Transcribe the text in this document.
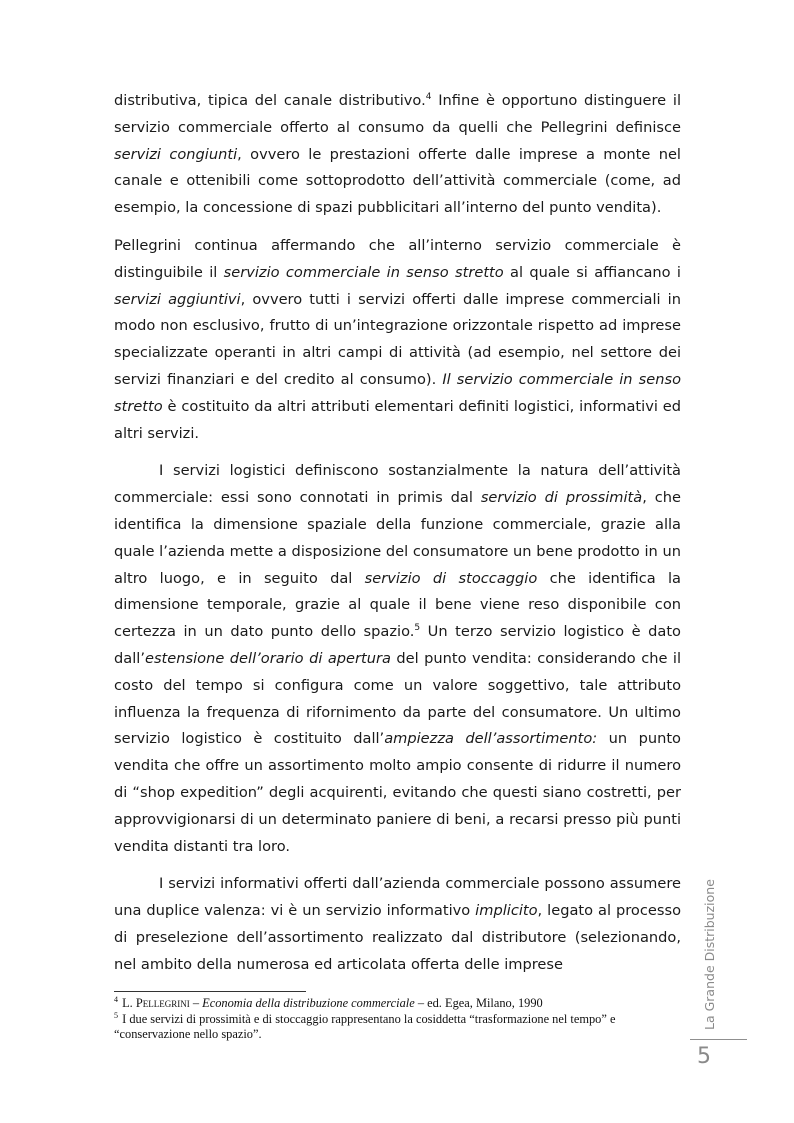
distributiva, tipica del canale distributivo.$^4$ Infine è opportuno distinguere il servizio commerciale offerto al consumo da quelli che Pellegrini definisce servizi congiunti, ovvero le prestazioni offerte dalle imprese a monte nel canale e ottenibili come sottoprodotto dell’attività commerciale (come, ad esempio, la concessione di spazi pubblicitari all’interno del punto vendita).

Pellegrini continua affermando che all’interno servizio commerciale è distinguibile il servizio commerciale in senso stretto al quale si affiancano i servizi aggiuntivi, ovvero tutti i servizi offerti dalle imprese commerciali in modo non esclusivo, frutto di un’integrazione orizzontale rispetto ad imprese specializzate operanti in altri campi di attività (ad esempio, nel settore dei servizi finanziari e del credito al consumo). Il servizio commerciale in senso stretto è costituito da altri attributi elementari definiti logistici, informativi ed altri servizi.

I servizi logistici definiscono sostanzialmente la natura dell’attività commerciale: essi sono connotati in primis dal servizio di prossimità, che identifica la dimensione spaziale della funzione commerciale, grazie alla quale l’azienda mette a disposizione del consumatore un bene prodotto in un altro luogo, e in seguito dal servizio di stoccaggio che identifica la dimensione temporale, grazie al quale il bene viene reso disponibile con certezza in un dato punto dello spazio.$^5$ Un terzo servizio logistico è dato dall’estensione dell’orario di apertura del punto vendita: considerando che il costo del tempo si configura come un valore soggettivo, tale attributo influenza la frequenza di rifornimento da parte del consumatore. Un ultimo servizio logistico è costituito dall’ampiezza dell’assortimento: un punto vendita che offre un assortimento molto ampio consente di ridurre il numero di “shop expedition” degli acquirenti, evitando che questi siano costretti, per approvvigionarsi di un determinato paniere di beni, a recarsi presso più punti vendita distanti tra loro.

I servizi informativi offerti dall’azienda commerciale possono assumere una duplice valenza: vi è un servizio informativo implicito, legato al processo di preselezione dell’assortimento realizzato dal distributore (selezionando, nel ambito della numerosa ed articolata offerta delle imprese

$^4$ L. Pellegrini – Economia della distribuzione commerciale – ed. Egea, Milano, 1990

$^5$ I due servizi di prossimità e di stoccaggio rappresentano la cosiddetta “trasformazione nel tempo” e “conservazione nello spazio”.

La Grande Distribuzione
5
